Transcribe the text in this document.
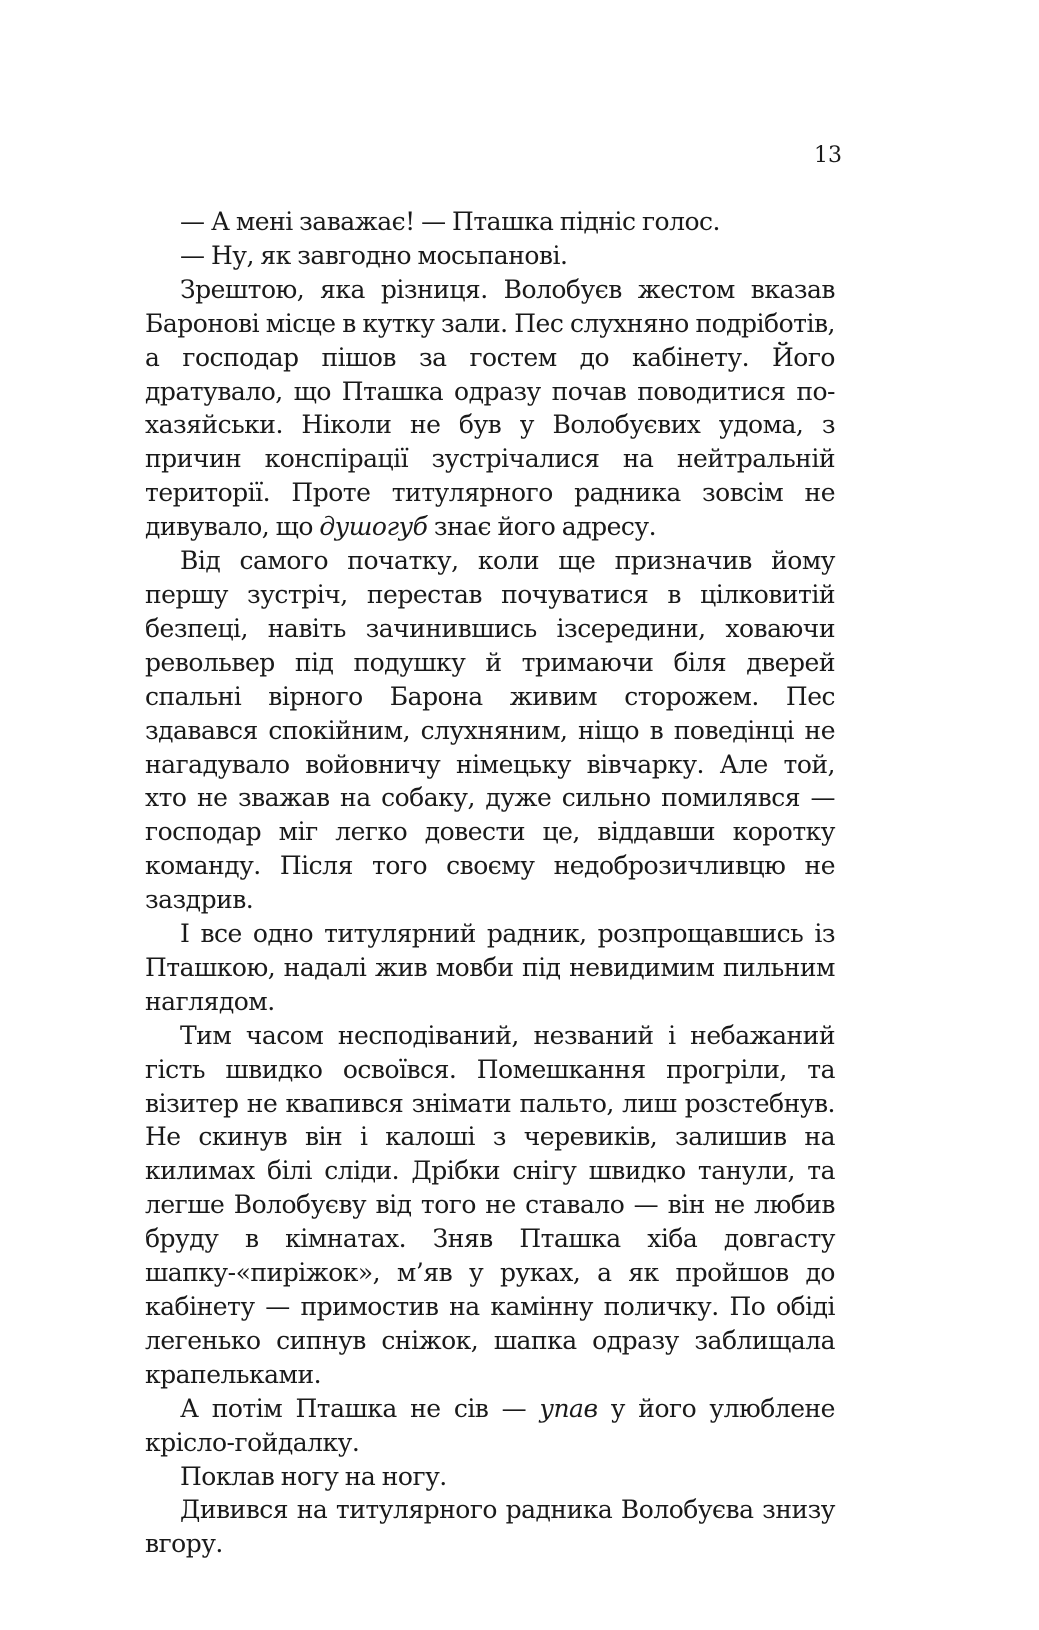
13

— А мені заважає! — Пташка підніс голос.

— Ну, як завгодно мосьпанові.

Зрештою, яка різниця. Волобуєв жестом вказав Баронові місце в кутку зали. Пес слухняно подріботів, а господар пішов за гостем до кабінету. Його дратувало, що Пташка одразу почав поводитися по-хазяйськи. Ніколи не був у Волобуєвих удома, з причин конспірації зустрічалися на нейтральній території. Проте титулярного радника зовсім не дивувало, що душогуб знає його адресу.

Від самого початку, коли ще призначив йому першу зустріч, перестав почуватися в цілковитій безпеці, навіть зачинившись ізсередини, ховаючи револьвер під подушку й тримаючи біля дверей спальні вірного Барона живим сторожем. Пес здавався спокійним, слухняним, ніщо в поведінці не нагадувало войовничу німецьку вівчарку. Але той, хто не зважав на собаку, дуже сильно помилявся — господар міг легко довести це, віддавши коротку команду. Після того своєму недоброзичливцю не заздрив.

І все одно титулярний радник, розпрощавшись із Пташкою, надалі жив мовби під невидимим пильним наглядом.

Тим часом несподіваний, незваний і небажаний гість швидко освоївся. Помешкання прогріли, та візитер не квапився знімати пальто, лиш розстебнув. Не скинув він і калоші з черевиків, залишив на килимах білі сліди. Дрібки снігу швидко танули, та легше Волобуєву від того не ставало — він не любив бруду в кімнатах. Зняв Пташка хіба довгасту шапку-«пиріжок», м’яв у руках, а як пройшов до кабінету — примостив на камінну поличку. По обіді легенько сипнув сніжок, шапка одразу заблищала крапельками.

А потім Пташка не сів — упав у його улюблене крісло-гойдалку.

Поклав ногу на ногу.

Дивився на титулярного радника Волобуєва знизу вгору.
